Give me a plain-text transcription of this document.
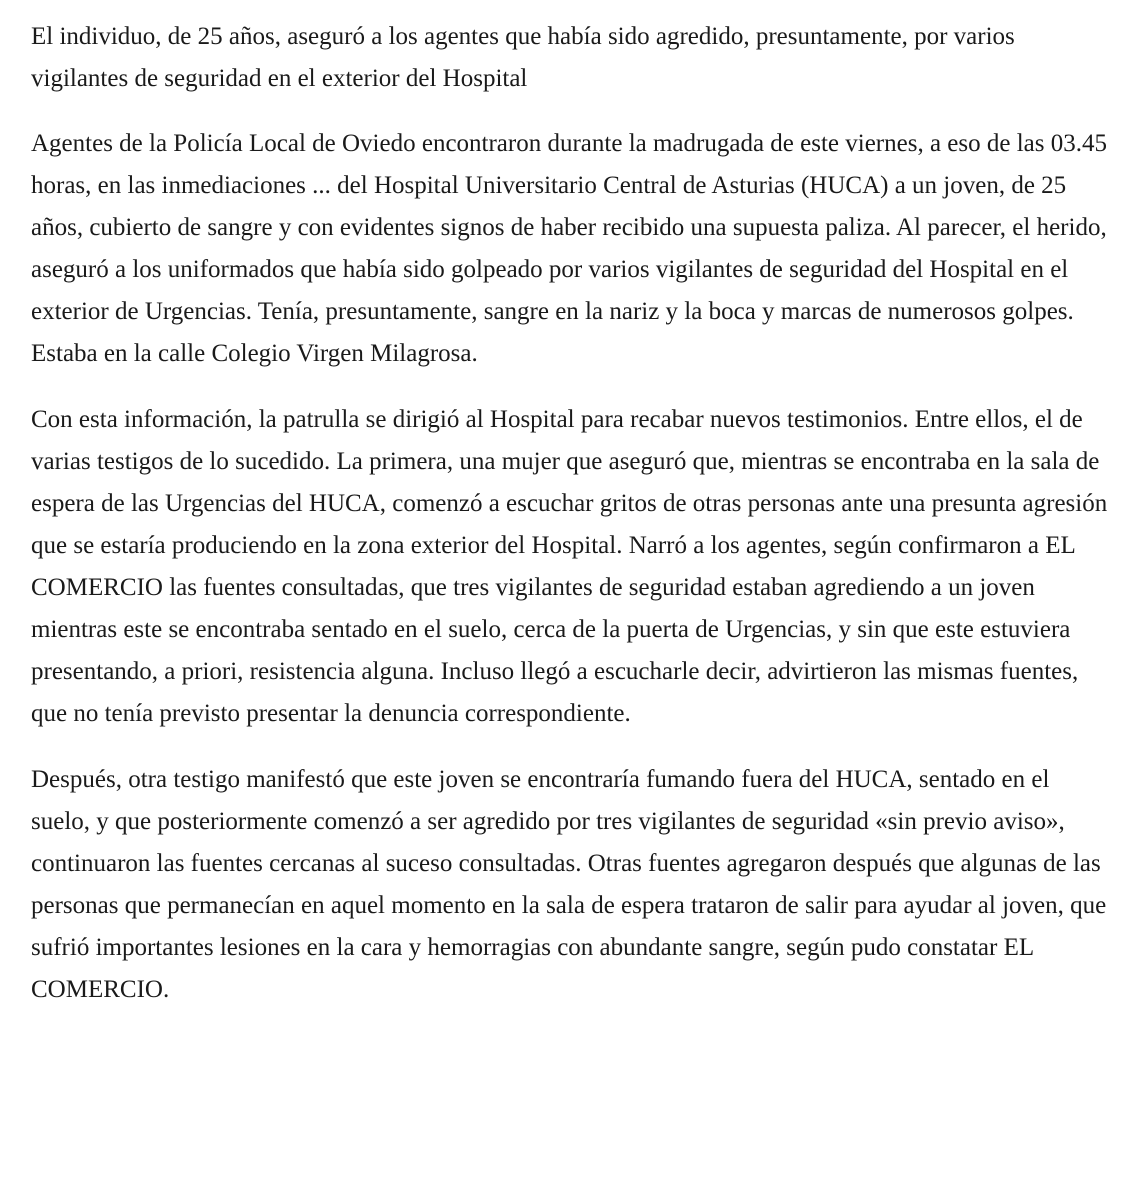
El individuo, de 25 años, aseguró a los agentes que había sido agredido, presuntamente, por varios vigilantes de seguridad en el exterior del Hospital

Agentes de la Policía Local de Oviedo encontraron durante la madrugada de este viernes, a eso de las 03.45 horas, en las inmediaciones ... del Hospital Universitario Central de Asturias (HUCA) a un joven, de 25 años, cubierto de sangre y con evidentes signos de haber recibido una supuesta paliza. Al parecer, el herido, aseguró a los uniformados que había sido golpeado por varios vigilantes de seguridad del Hospital en el exterior de Urgencias. Tenía, presuntamente, sangre en la nariz y la boca y marcas de numerosos golpes. Estaba en la calle Colegio Virgen Milagrosa.

Con esta información, la patrulla se dirigió al Hospital para recabar nuevos testimonios. Entre ellos, el de varias testigos de lo sucedido. La primera, una mujer que aseguró que, mientras se encontraba en la sala de espera de las Urgencias del HUCA, comenzó a escuchar gritos de otras personas ante una presunta agresión que se estaría produciendo en la zona exterior del Hospital. Narró a los agentes, según confirmaron a EL COMERCIO las fuentes consultadas, que tres vigilantes de seguridad estaban agrediendo a un joven mientras este se encontraba sentado en el suelo, cerca de la puerta de Urgencias, y sin que este estuviera presentando, a priori, resistencia alguna. Incluso llegó a escucharle decir, advirtieron las mismas fuentes, que no tenía previsto presentar la denuncia correspondiente.

Después, otra testigo manifestó que este joven se encontraría fumando fuera del HUCA, sentado en el suelo, y que posteriormente comenzó a ser agredido por tres vigilantes de seguridad «sin previo aviso», continuaron las fuentes cercanas al suceso consultadas. Otras fuentes agregaron después que algunas de las personas que permanecían en aquel momento en la sala de espera trataron de salir para ayudar al joven, que sufrió importantes lesiones en la cara y hemorragias con abundante sangre, según pudo constatar EL COMERCIO.
